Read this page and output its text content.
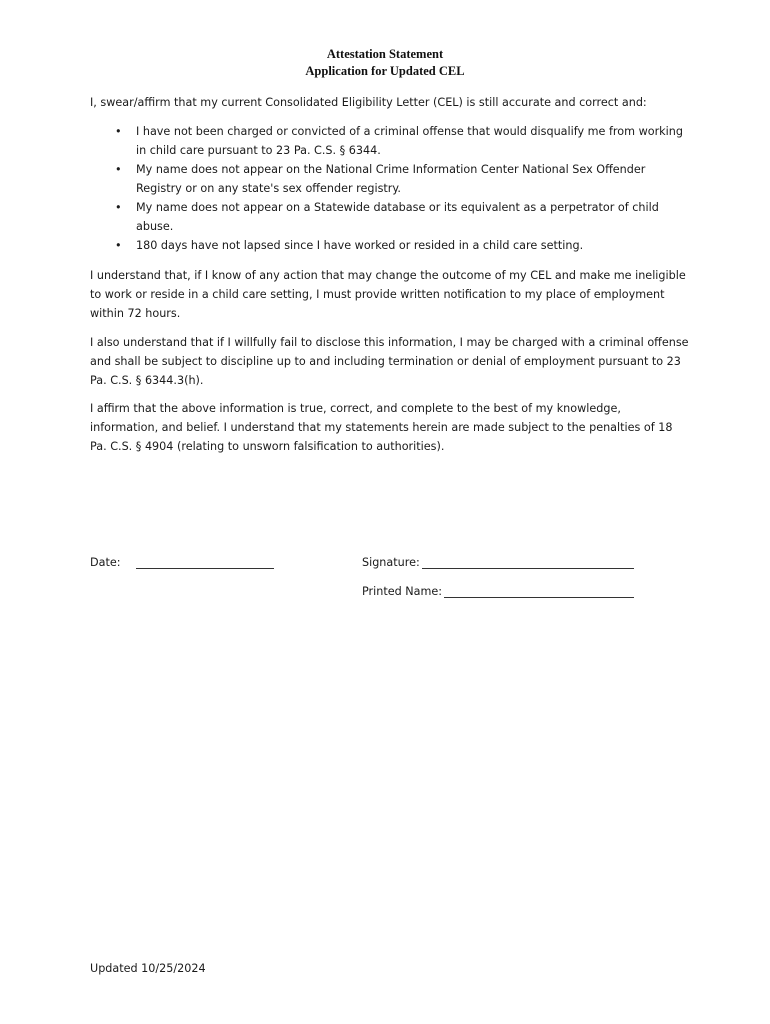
Attestation Statement
Application for Updated CEL
I, swear/affirm that my current Consolidated Eligibility Letter (CEL) is still accurate and correct and:
• I have not been charged or convicted of a criminal offense that would disqualify me from working in child care pursuant to 23 Pa. C.S. § 6344.
• My name does not appear on the National Crime Information Center National Sex Offender Registry or on any state's sex offender registry.
• My name does not appear on a Statewide database or its equivalent as a perpetrator of child abuse.
• 180 days have not lapsed since I have worked or resided in a child care setting.
I understand that, if I know of any action that may change the outcome of my CEL and make me ineligible to work or reside in a child care setting, I must provide written notification to my place of employment within 72 hours.
I also understand that if I willfully fail to disclose this information, I may be charged with a criminal offense and shall be subject to discipline up to and including termination or denial of employment pursuant to 23 Pa. C.S. § 6344.3(h).
I affirm that the above information is true, correct, and complete to the best of my knowledge, information, and belief. I understand that my statements herein are made subject to the penalties of 18 Pa. C.S. § 4904 (relating to unsworn falsification to authorities).
Date:	Signature:
Printed Name:
Updated 10/25/2024
